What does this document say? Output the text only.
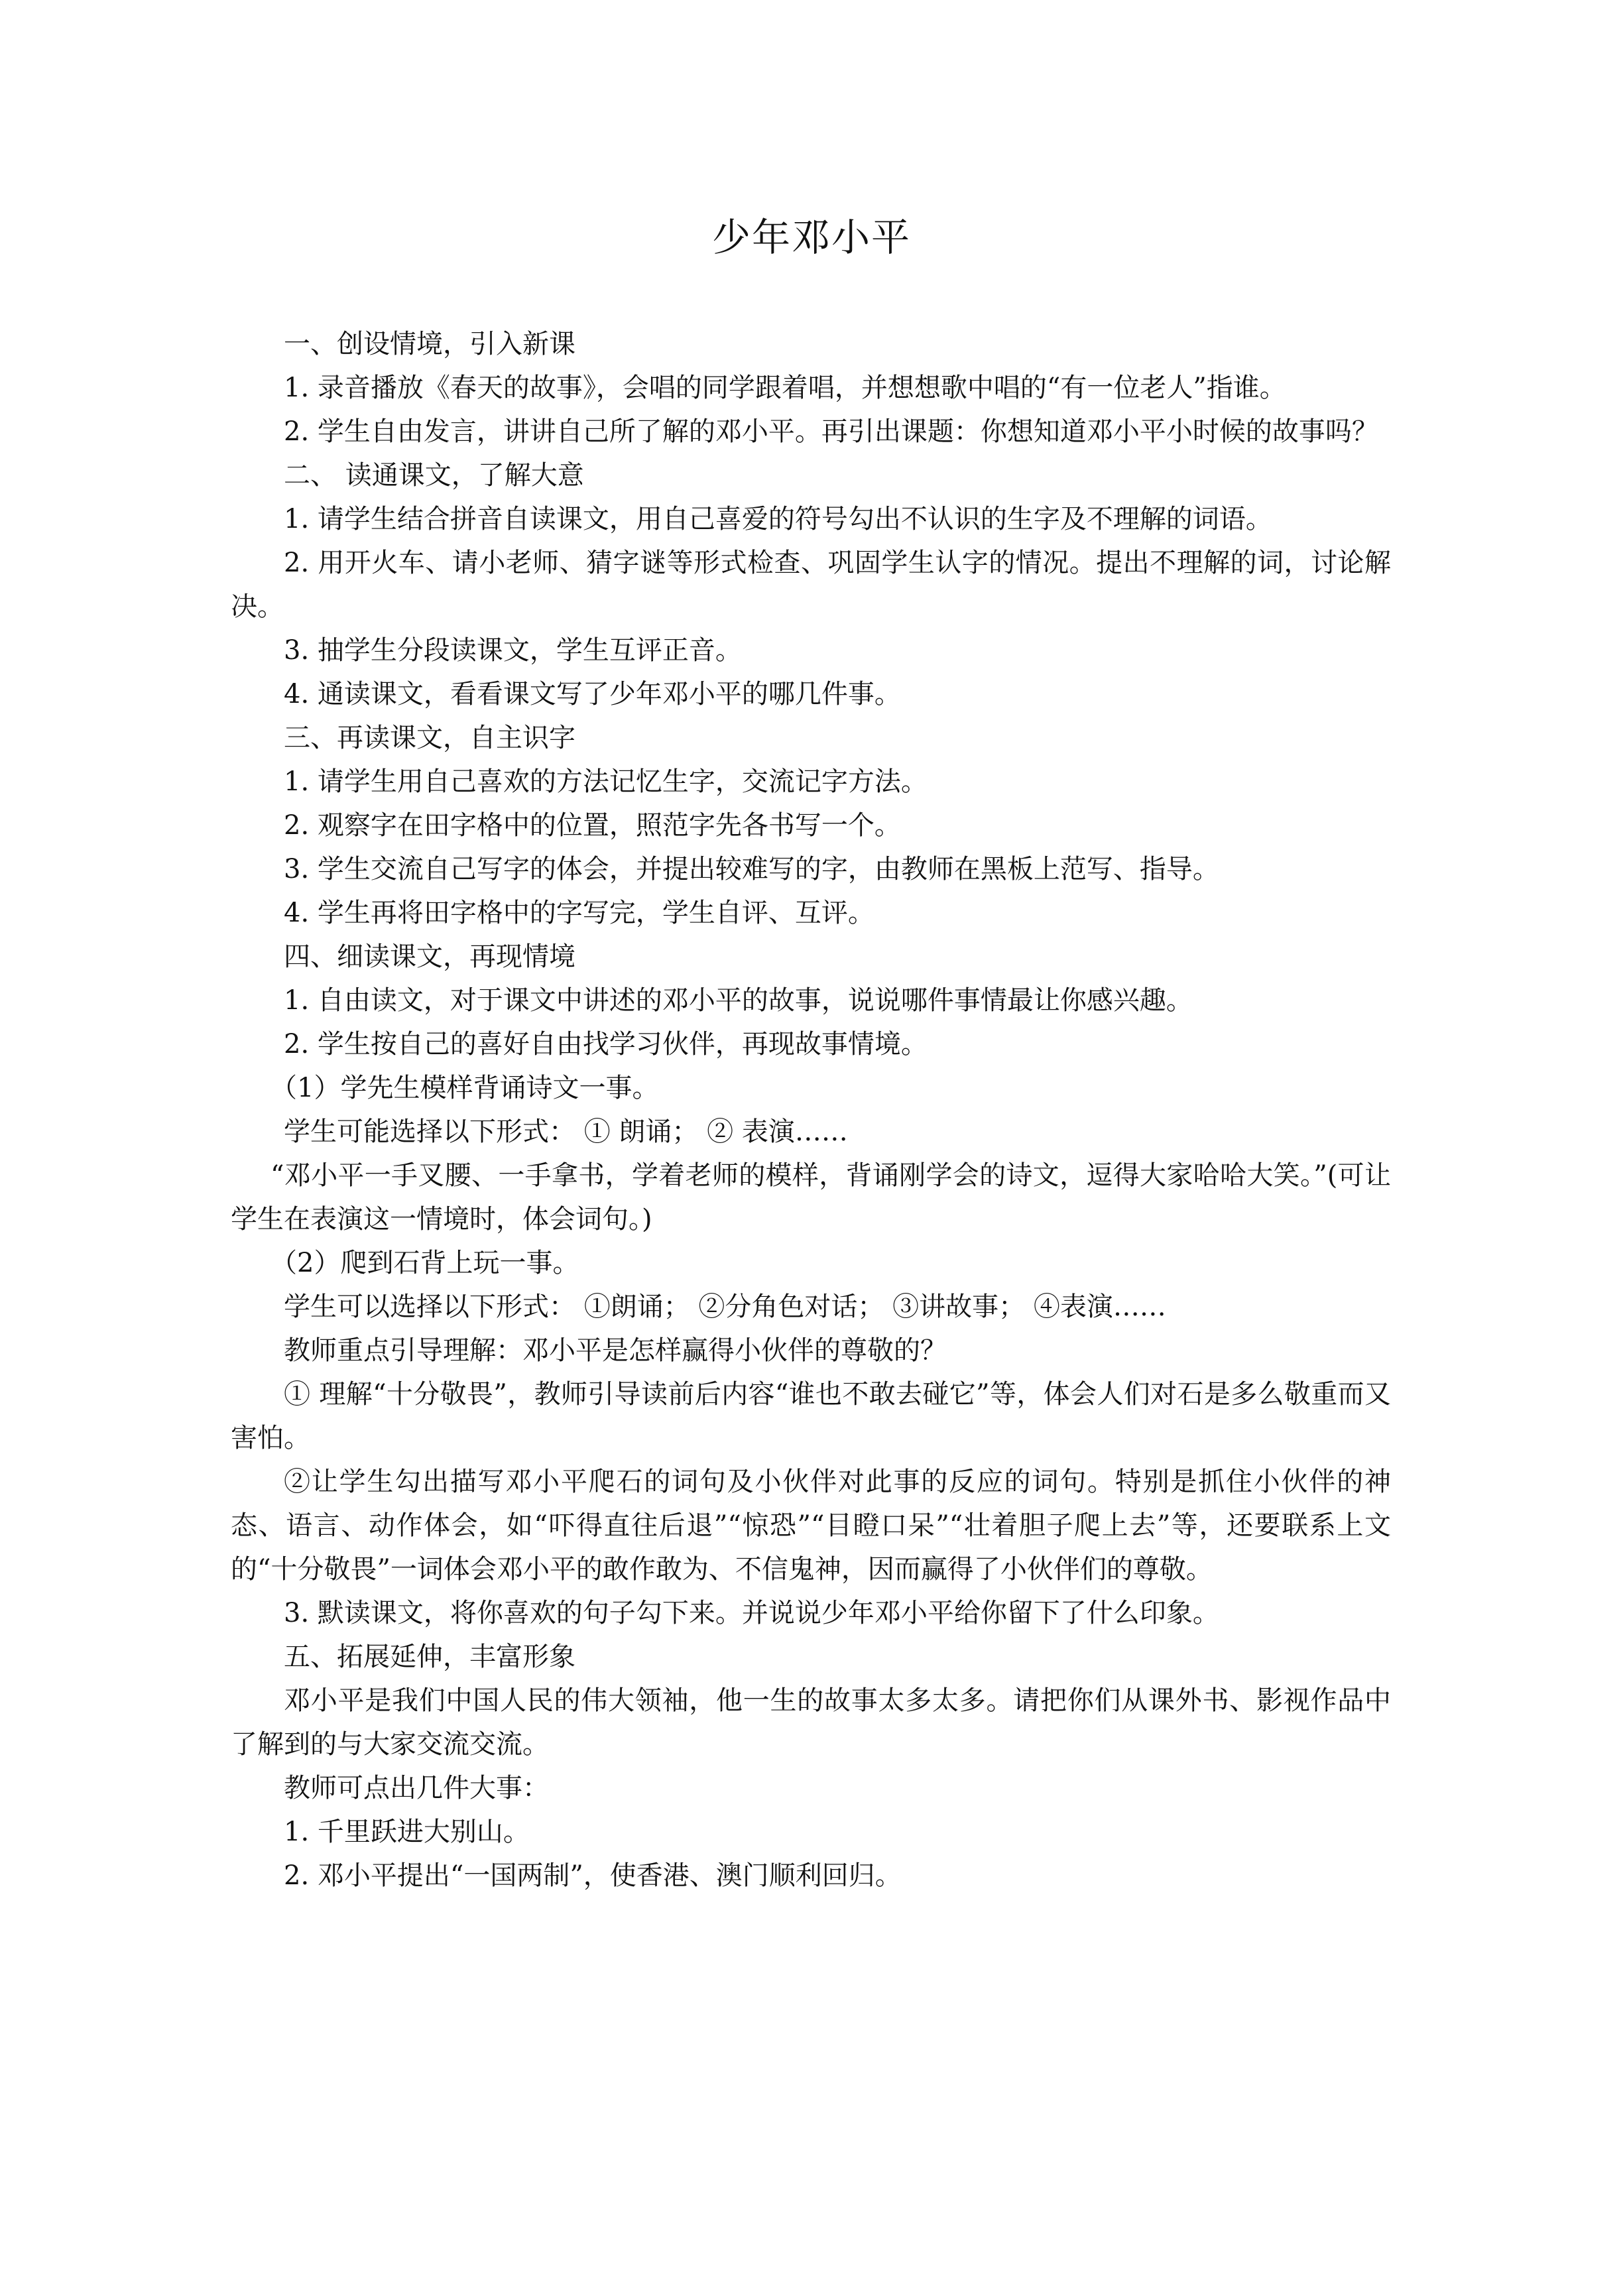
少年邓小平

一、创设情境，引入新课

1. 录音播放《春天的故事》，会唱的同学跟着唱，并想想歌中唱的“有一位老人”指谁。

2. 学生自由发言，讲讲自己所了解的邓小平。再引出课题：你想知道邓小平小时候的故事吗？

二、 读通课文，了解大意

1. 请学生结合拼音自读课文，用自己喜爱的符号勾出不认识的生字及不理解的词语。

2. 用开火车、请小老师、猜字谜等形式检查、巩固学生认字的情况。提出不理解的词，讨论解决。

3. 抽学生分段读课文，学生互评正音。

4. 通读课文，看看课文写了少年邓小平的哪几件事。

三、再读课文，自主识字

1. 请学生用自己喜欢的方法记忆生字，交流记字方法。

2. 观察字在田字格中的位置，照范字先各书写一个。

3. 学生交流自己写字的体会，并提出较难写的字，由教师在黑板上范写、指导。

4. 学生再将田字格中的字写完，学生自评、互评。

四、细读课文，再现情境

1. 自由读文，对于课文中讲述的邓小平的故事，说说哪件事情最让你感兴趣。

2. 学生按自己的喜好自由找学习伙伴，再现故事情境。

（1）学先生模样背诵诗文一事。

学生可能选择以下形式： ① 朗诵； ② 表演……

“邓小平一手叉腰、一手拿书，学着老师的模样，背诵刚学会的诗文，逗得大家哈哈大笑。”(可让学生在表演这一情境时，体会词句。)

（2）爬到石背上玩一事。

学生可以选择以下形式： ①朗诵； ②分角色对话； ③讲故事； ④表演……

教师重点引导理解：邓小平是怎样赢得小伙伴的尊敬的？

① 理解“十分敬畏”，教师引导读前后内容“谁也不敢去碰它”等，体会人们对石是多么敬重而又害怕。

②让学生勾出描写邓小平爬石的词句及小伙伴对此事的反应的词句。特别是抓住小伙伴的神态、语言、动作体会，如“吓得直往后退”“惊恐”“目瞪口呆”“壮着胆子爬上去”等，还要联系上文的“十分敬畏”一词体会邓小平的敢作敢为、不信鬼神，因而赢得了小伙伴们的尊敬。

3. 默读课文，将你喜欢的句子勾下来。并说说少年邓小平给你留下了什么印象。

五、拓展延伸，丰富形象

邓小平是我们中国人民的伟大领袖，他一生的故事太多太多。请把你们从课外书、影视作品中了解到的与大家交流交流。

教师可点出几件大事：

1. 千里跃进大别山。

2. 邓小平提出“一国两制”，使香港、澳门顺利回归。
